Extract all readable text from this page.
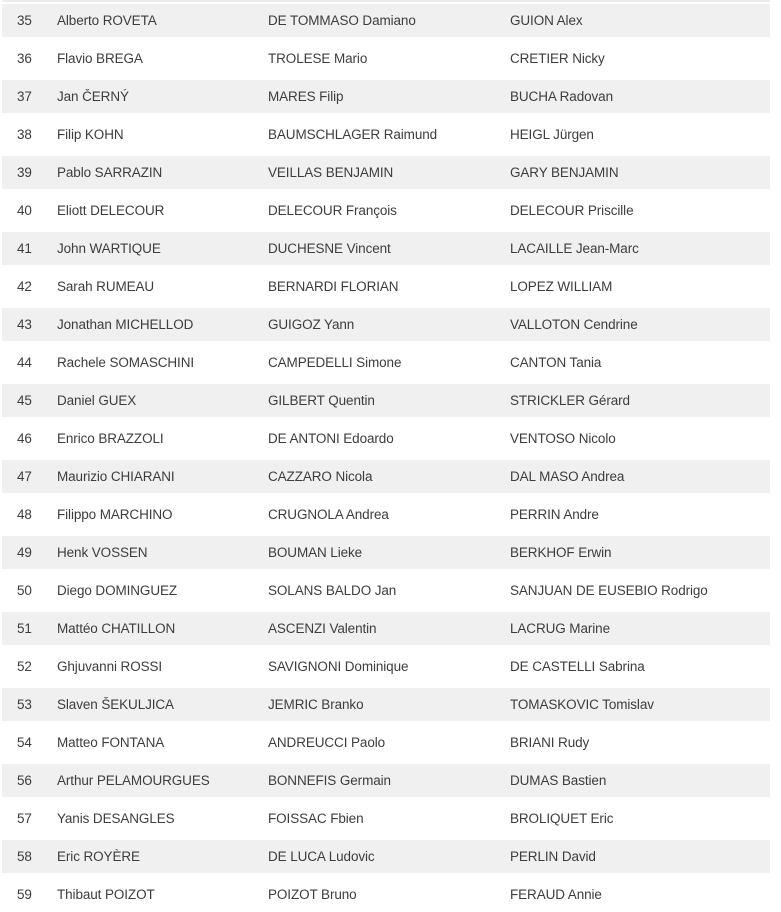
35	Alberto ROVETA	DE TOMMASO Damiano	GUION Alex
36	Flavio BREGA	TROLESE Mario	CRETIER Nicky
37	Jan ČERNÝ	MARES Filip	BUCHA Radovan
38	Filip KOHN	BAUMSCHLAGER Raimund	HEIGL Jürgen
39	Pablo SARRAZIN	VEILLAS BENJAMIN	GARY BENJAMIN
40	Eliott DELECOUR	DELECOUR François	DELECOUR Priscille
41	John WARTIQUE	DUCHESNE Vincent	LACAILLE Jean-Marc
42	Sarah RUMEAU	BERNARDI FLORIAN	LOPEZ WILLIAM
43	Jonathan MICHELLOD	GUIGOZ Yann	VALLOTON Cendrine
44	Rachele SOMASCHINI	CAMPEDELLI Simone	CANTON Tania
45	Daniel GUEX	GILBERT Quentin	STRICKLER Gérard
46	Enrico BRAZZOLI	DE ANTONI Edoardo	VENTOSO Nicolo
47	Maurizio CHIARANI	CAZZARO Nicola	DAL MASO Andrea
48	Filippo MARCHINO	CRUGNOLA Andrea	PERRIN Andre
49	Henk VOSSEN	BOUMAN Lieke	BERKHOF Erwin
50	Diego DOMINGUEZ	SOLANS BALDO Jan	SANJUAN DE EUSEBIO Rodrigo
51	Mattéo CHATILLON	ASCENZI Valentin	LACRUG Marine
52	Ghjuvanni ROSSI	SAVIGNONI Dominique	DE CASTELLI Sabrina
53	Slaven ŠEKULJICA	JEMRIC Branko	TOMASKOVIC Tomislav
54	Matteo FONTANA	ANDREUCCI Paolo	BRIANI Rudy
56	Arthur PELAMOURGUES	BONNEFIS Germain	DUMAS Bastien
57	Yanis DESANGLES	FOISSAC Fbien	BROLIQUET Eric
58	Eric ROYÈRE	DE LUCA Ludovic	PERLIN David
59	Thibaut POIZOT	POIZOT Bruno	FERAUD Annie
